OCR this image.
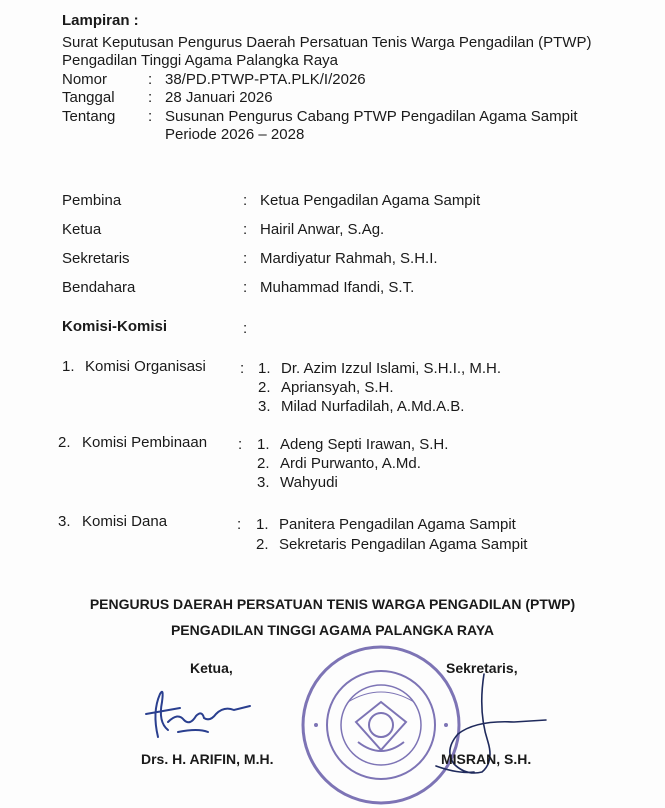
Lampiran :
Surat Keputusan Pengurus Daerah Persatuan Tenis Warga Pengadilan (PTWP)
Pengadilan Tinggi Agama Palangka Raya
Nomor	: 38/PD.PTWP-PTA.PLK/I/2026
Tanggal : 28 Januari 2026
Tentang : Susunan Pengurus Cabang PTWP Pengadilan Agama Sampit
Periode 2026 – 2028
Pembina	: Ketua Pengadilan Agama Sampit
Ketua	: Hairil Anwar, S.Ag.
Sekretaris	: Mardiyatur Rahmah, S.H.I.
Bendahara	: Muhammad Ifandi, S.T.
Komisi-Komisi	:
1. Komisi Organisasi : 1. Dr. Azim Izzul Islami, S.H.I., M.H.
2. Apriansyah, S.H.
3. Milad Nurfadilah, A.Md.A.B.
2. Komisi Pembinaan : 1. Adeng Septi Irawan, S.H.
2. Ardi Purwanto, A.Md.
3. Wahyudi
3. Komisi Dana	: 1. Panitera Pengadilan Agama Sampit
2. Sekretaris Pengadilan Agama Sampit
PENGURUS DAERAH PERSATUAN TENIS WARGA PENGADILAN (PTWP)
PENGADILAN TINGGI AGAMA PALANGKA RAYA
Ketua,	Sekretaris,
Drs. H. ARIFIN, M.H.	MISRAN, S.H.
